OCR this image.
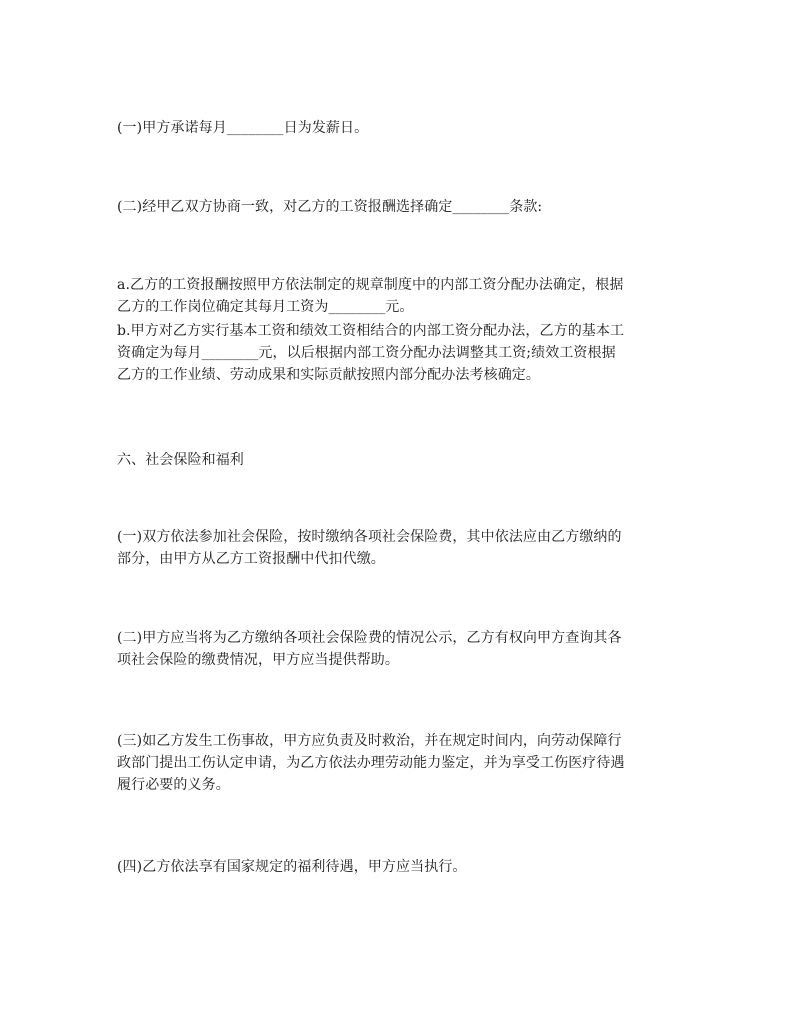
(一)甲方承诺每月________日为发薪日。

(二)经甲乙双方协商一致，对乙方的工资报酬选择确定________条款:

a.乙方的工资报酬按照甲方依法制定的规章制度中的内部工资分配办法确定，根据
乙方的工作岗位确定其每月工资为________元。

b.甲方对乙方实行基本工资和绩效工资相结合的内部工资分配办法，乙方的基本工
资确定为每月________元，以后根据内部工资分配办法调整其工资;绩效工资根据
乙方的工作业绩、劳动成果和实际贡献按照内部分配办法考核确定。

六、社会保险和福利

(一)双方依法参加社会保险，按时缴纳各项社会保险费，其中依法应由乙方缴纳的
部分，由甲方从乙方工资报酬中代扣代缴。

(二)甲方应当将为乙方缴纳各项社会保险费的情况公示，乙方有权向甲方查询其各
项社会保险的缴费情况，甲方应当提供帮助。

(三)如乙方发生工伤事故，甲方应负责及时救治，并在规定时间内，向劳动保障行
政部门提出工伤认定申请，为乙方依法办理劳动能力鉴定，并为享受工伤医疗待遇
履行必要的义务。

(四)乙方依法享有国家规定的福利待遇，甲方应当执行。
